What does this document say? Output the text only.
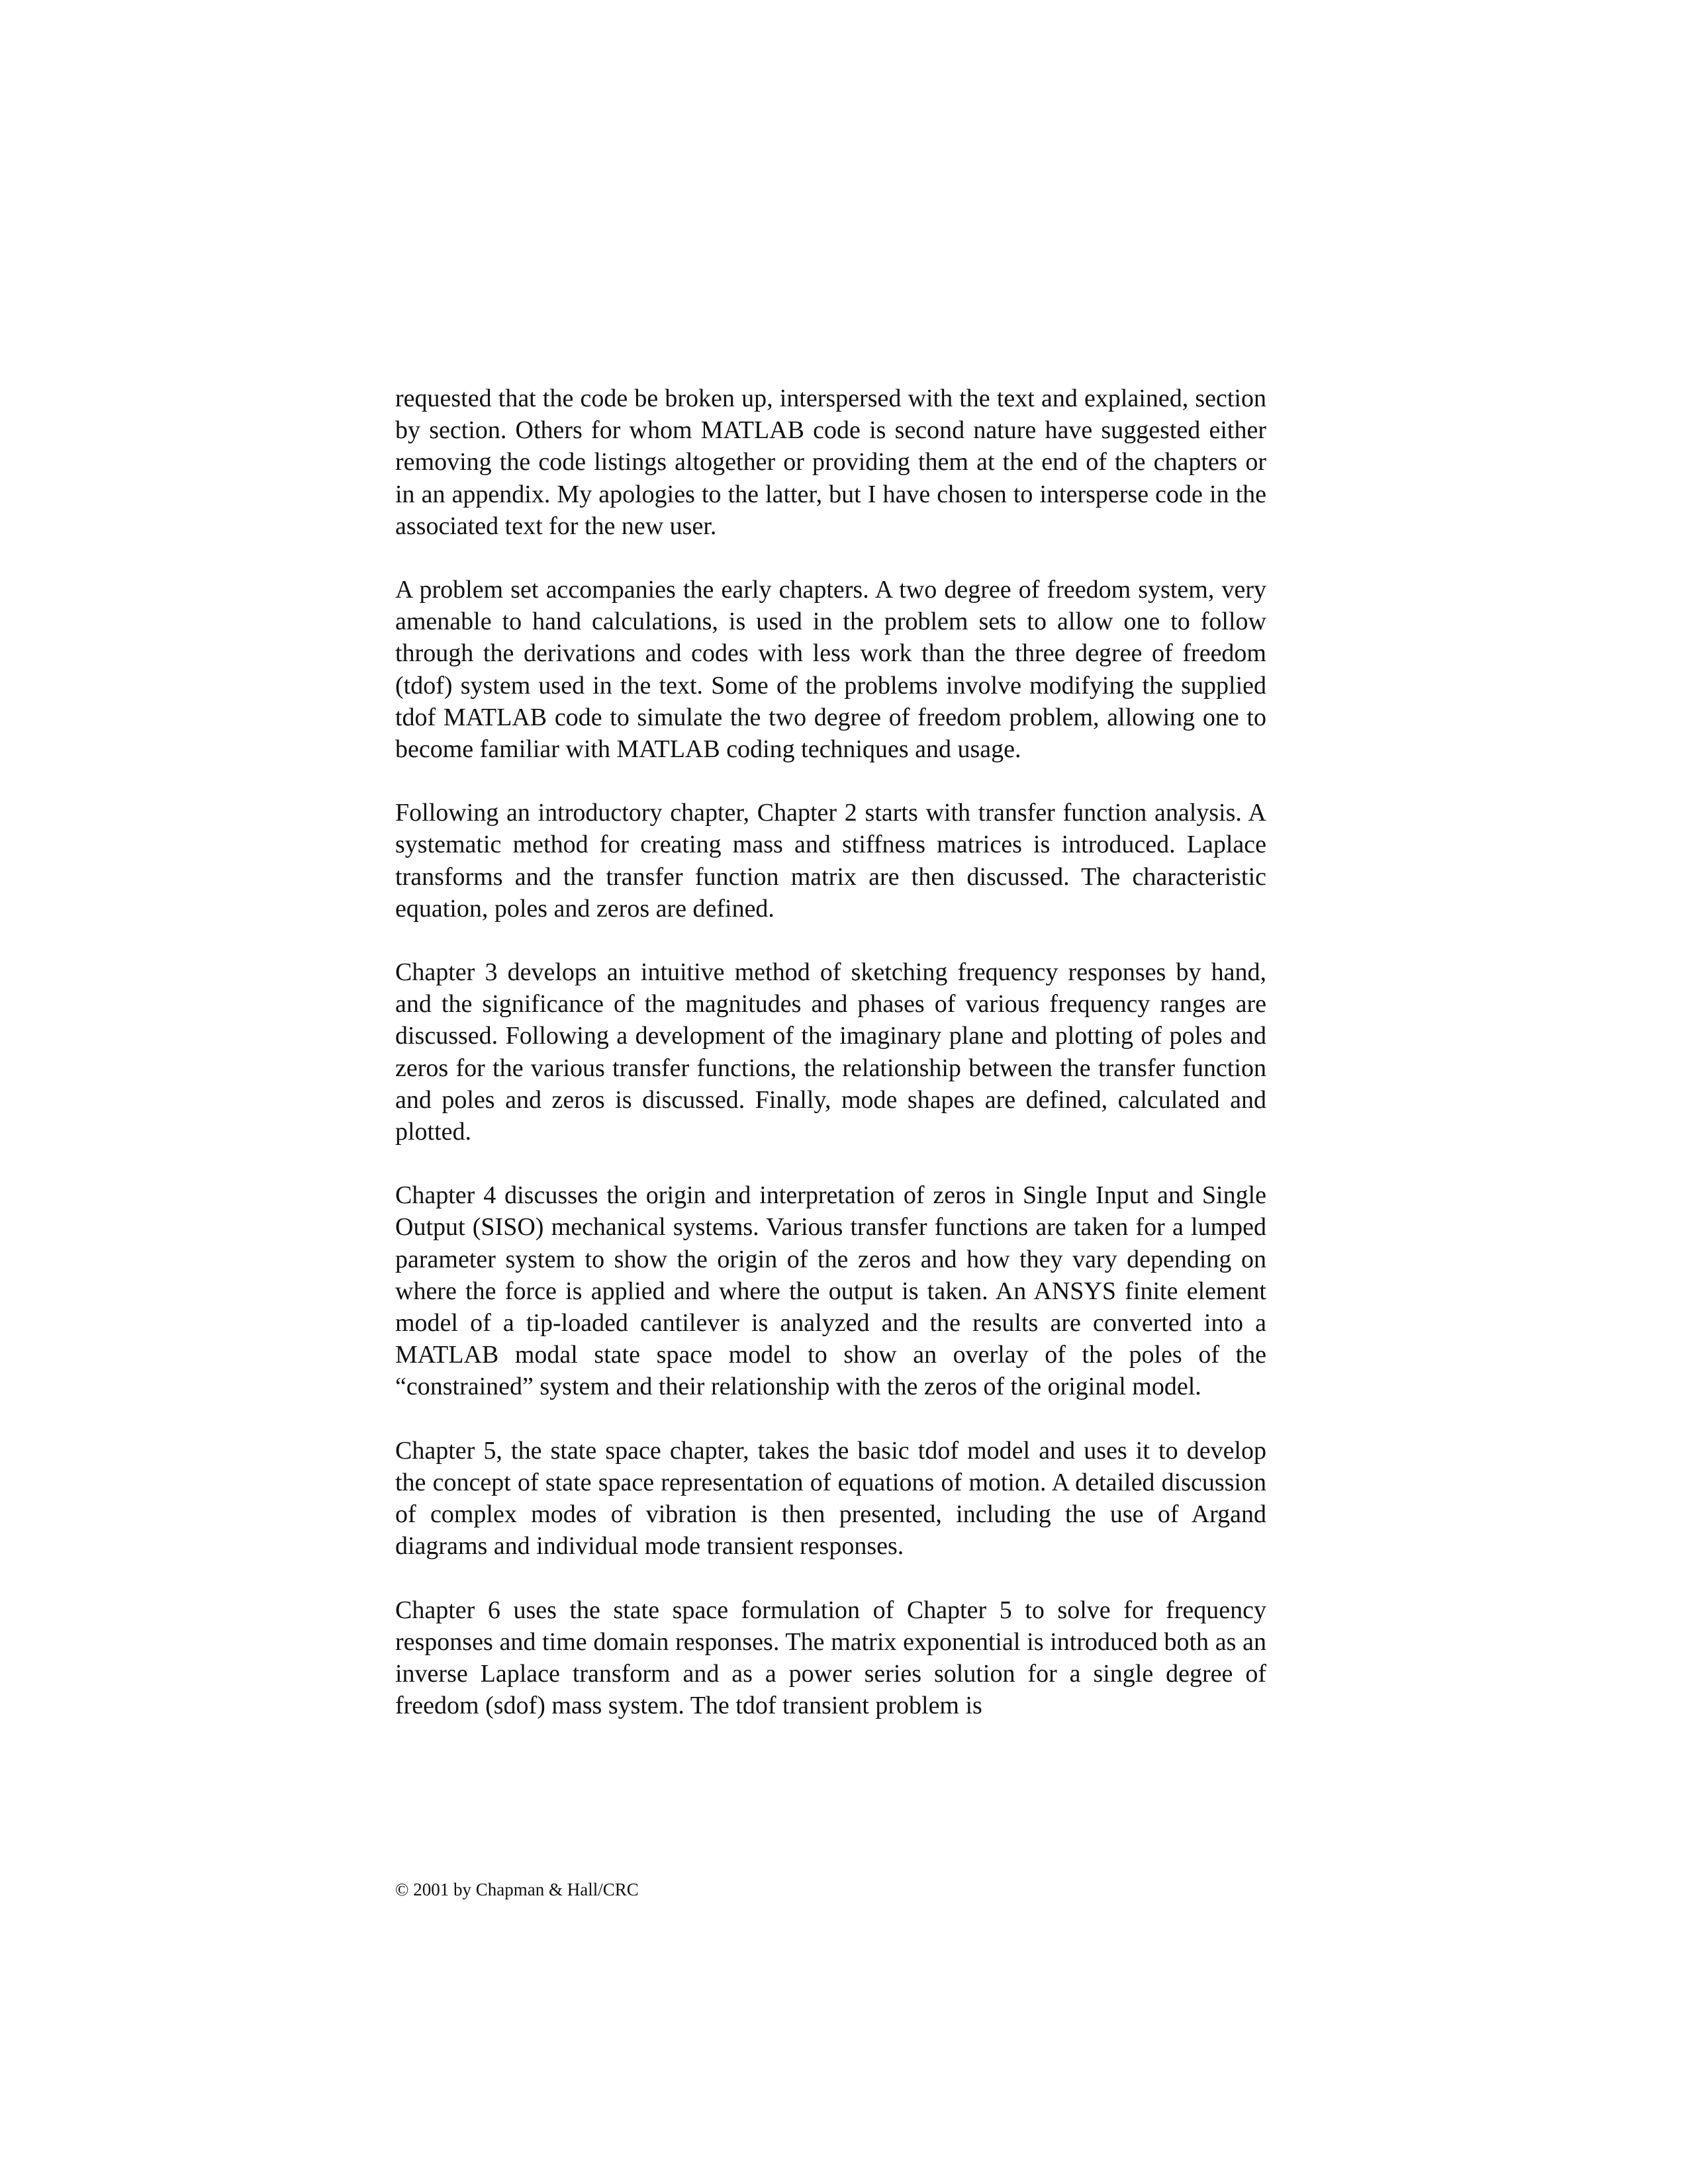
requested that the code be broken up, interspersed with the text and explained, section by section. Others for whom MATLAB code is second nature have suggested either removing the code listings altogether or providing them at the end of the chapters or in an appendix. My apologies to the latter, but I have chosen to intersperse code in the associated text for the new user.

A problem set accompanies the early chapters. A two degree of freedom system, very amenable to hand calculations, is used in the problem sets to allow one to follow through the derivations and codes with less work than the three degree of freedom (tdof) system used in the text. Some of the problems involve modifying the supplied tdof MATLAB code to simulate the two degree of freedom problem, allowing one to become familiar with MATLAB coding techniques and usage.

Following an introductory chapter, Chapter 2 starts with transfer function analysis. A systematic method for creating mass and stiffness matrices is introduced. Laplace transforms and the transfer function matrix are then discussed. The characteristic equation, poles and zeros are defined.

Chapter 3 develops an intuitive method of sketching frequency responses by hand, and the significance of the magnitudes and phases of various frequency ranges are discussed. Following a development of the imaginary plane and plotting of poles and zeros for the various transfer functions, the relationship between the transfer function and poles and zeros is discussed. Finally, mode shapes are defined, calculated and plotted.

Chapter 4 discusses the origin and interpretation of zeros in Single Input and Single Output (SISO) mechanical systems. Various transfer functions are taken for a lumped parameter system to show the origin of the zeros and how they vary depending on where the force is applied and where the output is taken. An ANSYS finite element model of a tip-loaded cantilever is analyzed and the results are converted into a MATLAB modal state space model to show an overlay of the poles of the “constrained” system and their relationship with the zeros of the original model.

Chapter 5, the state space chapter, takes the basic tdof model and uses it to develop the concept of state space representation of equations of motion. A detailed discussion of complex modes of vibration is then presented, including the use of Argand diagrams and individual mode transient responses.

Chapter 6 uses the state space formulation of Chapter 5 to solve for frequency responses and time domain responses. The matrix exponential is introduced both as an inverse Laplace transform and as a power series solution for a single degree of freedom (sdof) mass system. The tdof transient problem is

© 2001 by Chapman & Hall/CRC
